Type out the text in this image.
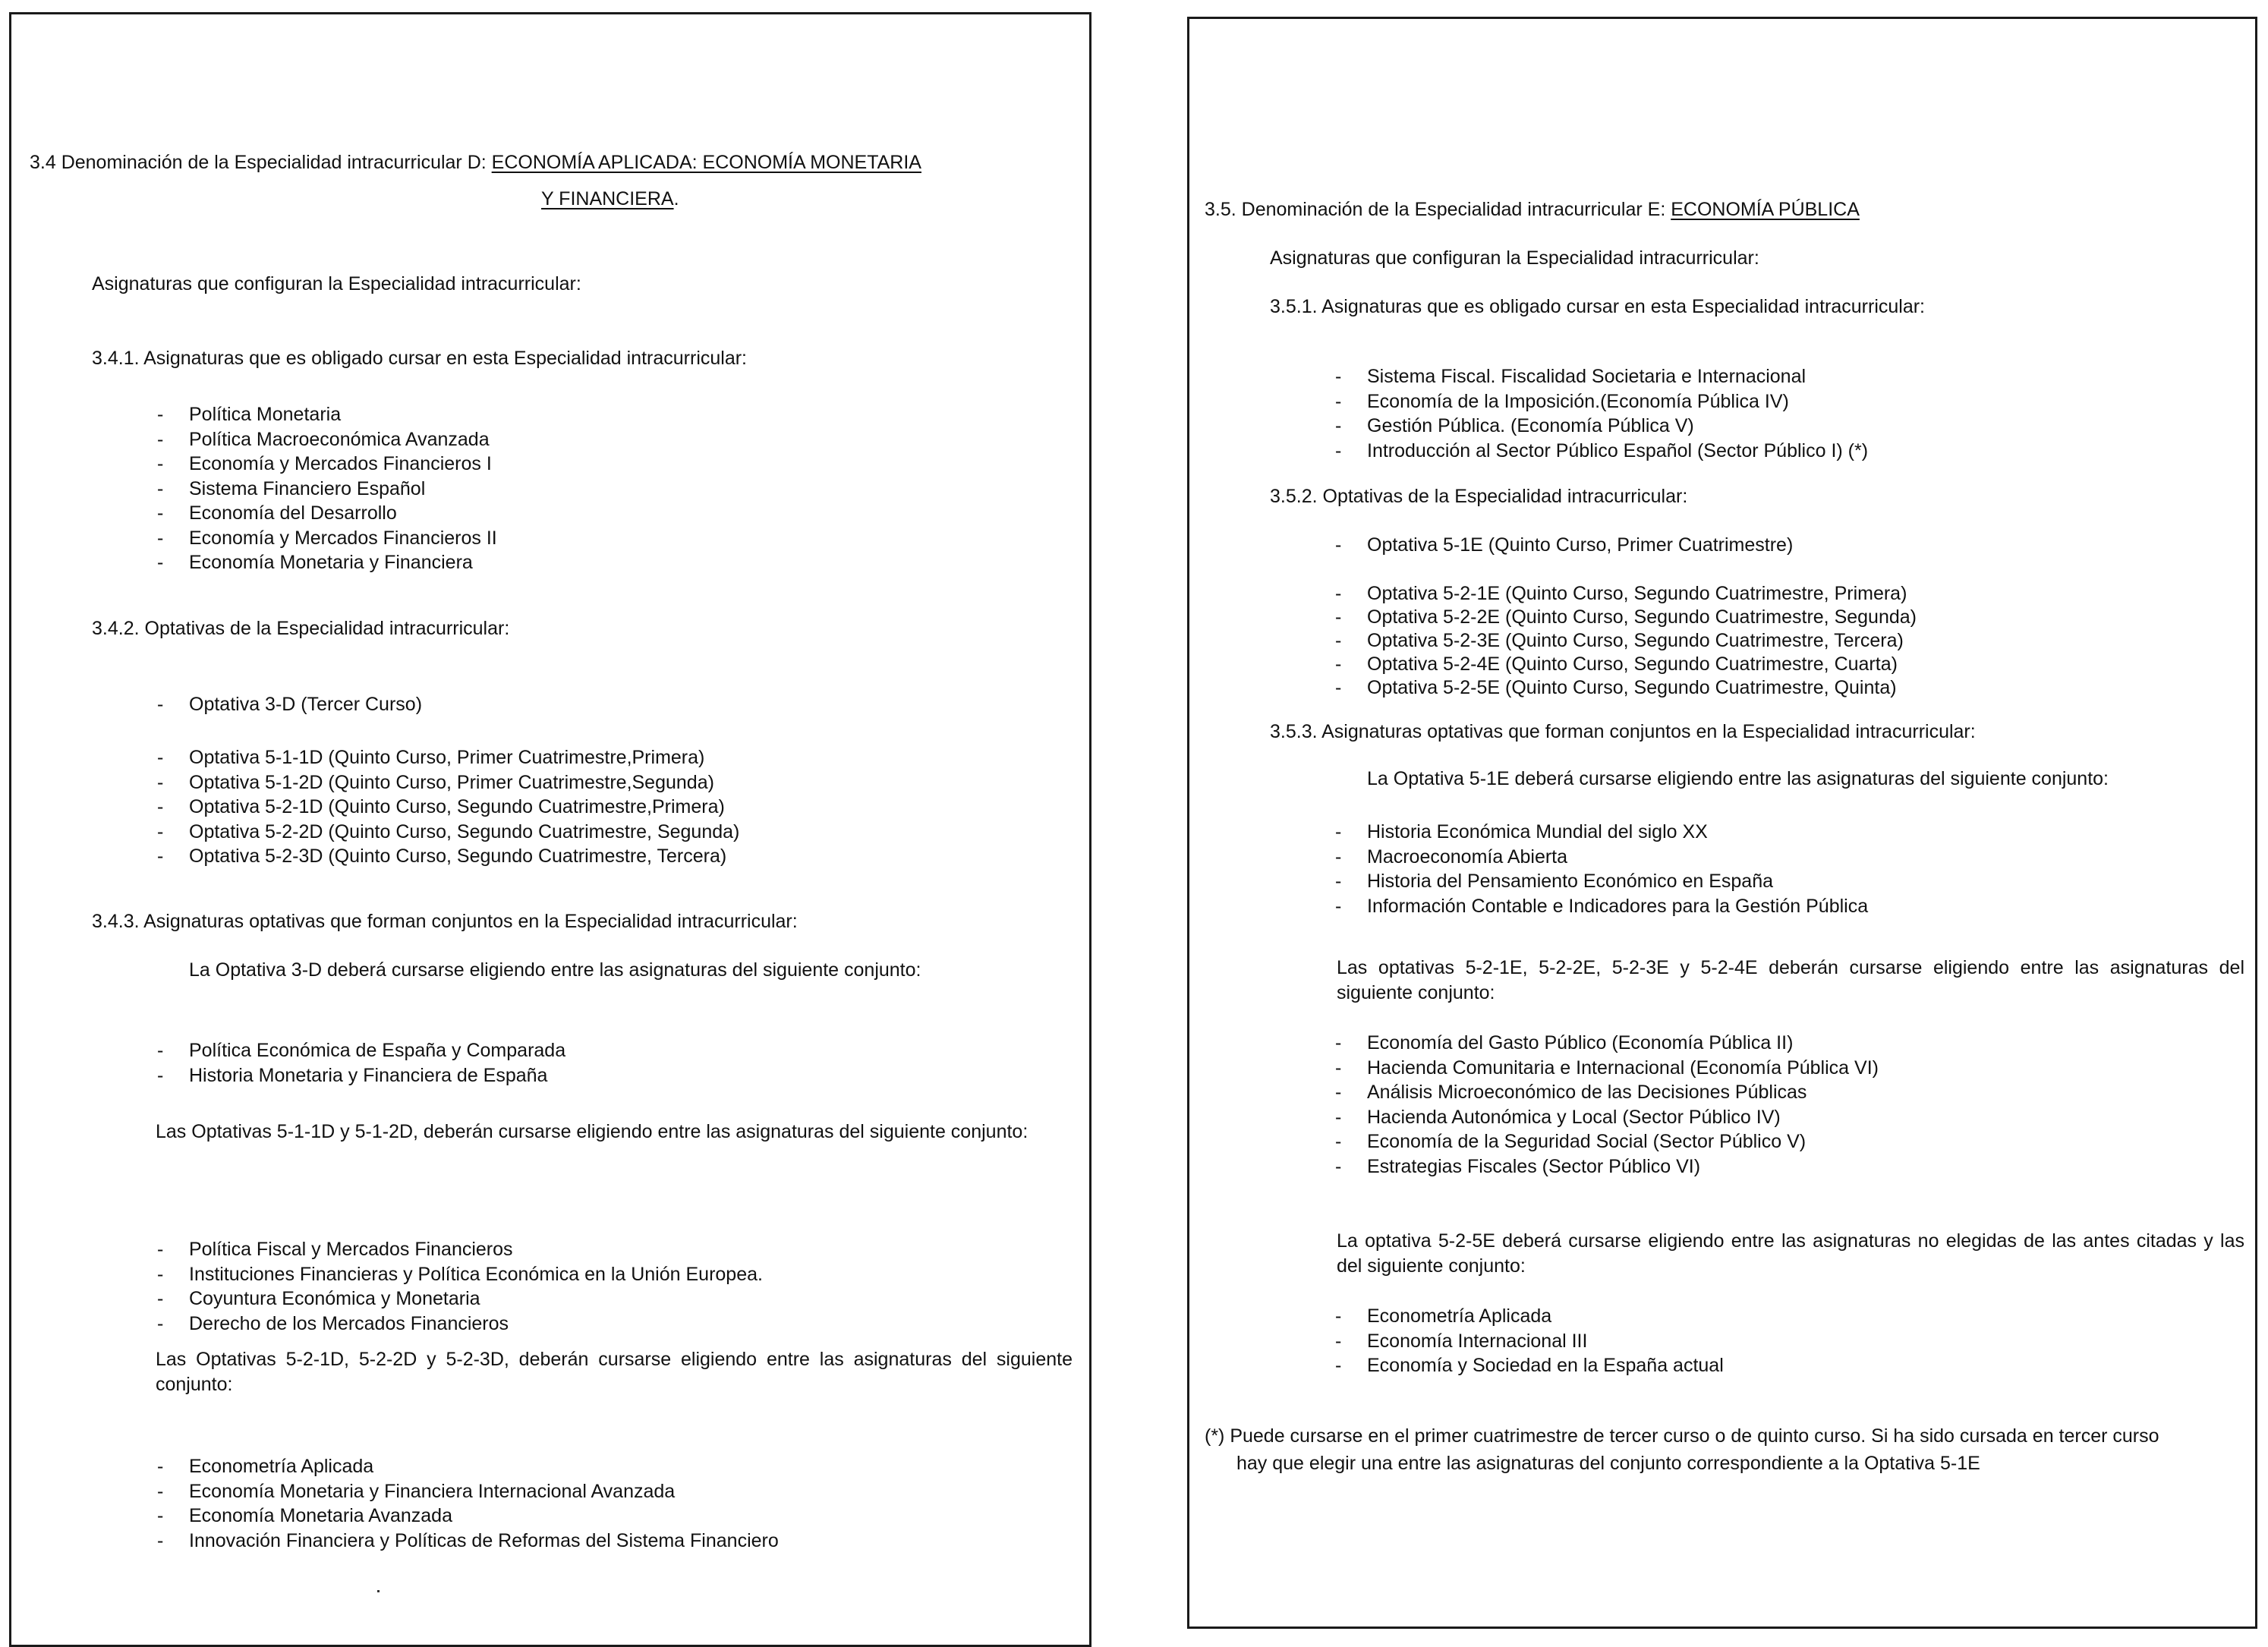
3.4 Denominación de la Especialidad intracurricular D: ECONOMÍA APLICADA: ECONOMÍA MONETARIA
Y FINANCIERA.
Asignaturas que configuran la Especialidad intracurricular:
3.4.1. Asignaturas que es obligado cursar en esta Especialidad intracurricular:
- Política Monetaria
- Política Macroeconómica Avanzada
- Economía y Mercados Financieros I
- Sistema Financiero Español
- Economía del Desarrollo
- Economía y Mercados Financieros II
- Economía Monetaria y Financiera
3.4.2. Optativas de la Especialidad intracurricular:
- Optativa 3-D (Tercer Curso)
- Optativa 5-1-1D (Quinto Curso, Primer Cuatrimestre,Primera)
- Optativa 5-1-2D (Quinto Curso, Primer Cuatrimestre,Segunda)
- Optativa 5-2-1D (Quinto Curso, Segundo Cuatrimestre,Primera)
- Optativa 5-2-2D (Quinto Curso, Segundo Cuatrimestre, Segunda)
- Optativa 5-2-3D (Quinto Curso, Segundo Cuatrimestre, Tercera)
3.4.3. Asignaturas optativas que forman conjuntos en la Especialidad intracurricular:
La Optativa 3-D deberá cursarse eligiendo entre las asignaturas del siguiente conjunto:
- Política Económica de España y Comparada
- Historia Monetaria y Financiera de España
Las Optativas 5-1-1D y 5-1-2D, deberán cursarse eligiendo entre las asignaturas del siguiente conjunto:
- Política Fiscal y Mercados Financieros
- Instituciones Financieras y Política Económica en la Unión Europea.
- Coyuntura Económica y Monetaria
- Derecho de los Mercados Financieros
Las Optativas 5-2-1D, 5-2-2D y 5-2-3D, deberán cursarse eligiendo entre las asignaturas del siguiente conjunto:
- Econometría Aplicada
- Economía Monetaria y Financiera Internacional Avanzada
- Economía Monetaria Avanzada
- Innovación Financiera y Políticas de Reformas del Sistema Financiero
3.5. Denominación de la Especialidad intracurricular E: ECONOMÍA PÚBLICA
Asignaturas que configuran la Especialidad intracurricular:
3.5.1. Asignaturas que es obligado cursar en esta Especialidad intracurricular:
- Sistema Fiscal. Fiscalidad Societaria e Internacional
- Economía de la Imposición.(Economía Pública IV)
- Gestión Pública. (Economía Pública V)
- Introducción al Sector Público Español (Sector Público I) (*)
3.5.2. Optativas de la Especialidad intracurricular:
- Optativa 5-1E (Quinto Curso, Primer Cuatrimestre)
- Optativa 5-2-1E (Quinto Curso, Segundo Cuatrimestre, Primera)
- Optativa 5-2-2E (Quinto Curso, Segundo Cuatrimestre, Segunda)
- Optativa 5-2-3E (Quinto Curso, Segundo Cuatrimestre, Tercera)
- Optativa 5-2-4E (Quinto Curso, Segundo Cuatrimestre, Cuarta)
- Optativa 5-2-5E (Quinto Curso, Segundo Cuatrimestre, Quinta)
3.5.3. Asignaturas optativas que forman conjuntos en la Especialidad intracurricular:
La Optativa 5-1E deberá cursarse eligiendo entre las asignaturas del siguiente conjunto:
- Historia Económica Mundial del siglo XX
- Macroeconomía Abierta
- Historia del Pensamiento Económico en España
- Información Contable e Indicadores para la Gestión Pública
Las optativas 5-2-1E, 5-2-2E, 5-2-3E y 5-2-4E deberán cursarse eligiendo entre las asignaturas del siguiente conjunto:
- Economía del Gasto Público (Economía Pública II)
- Hacienda Comunitaria e Internacional (Economía Pública VI)
- Análisis Microeconómico de las Decisiones Públicas
- Hacienda Autonómica y Local (Sector Público IV)
- Economía de la Seguridad Social (Sector Público V)
- Estrategias Fiscales (Sector Público VI)
La optativa 5-2-5E deberá cursarse eligiendo entre las asignaturas no elegidas de las antes citadas y las del siguiente conjunto:
- Econometría Aplicada
- Economía Internacional III
- Economía y Sociedad en la España actual
(*) Puede cursarse en el primer cuatrimestre de tercer curso o de quinto curso. Si ha sido cursada en tercer curso
hay que elegir una entre las asignaturas del conjunto correspondiente a la Optativa 5-1E
